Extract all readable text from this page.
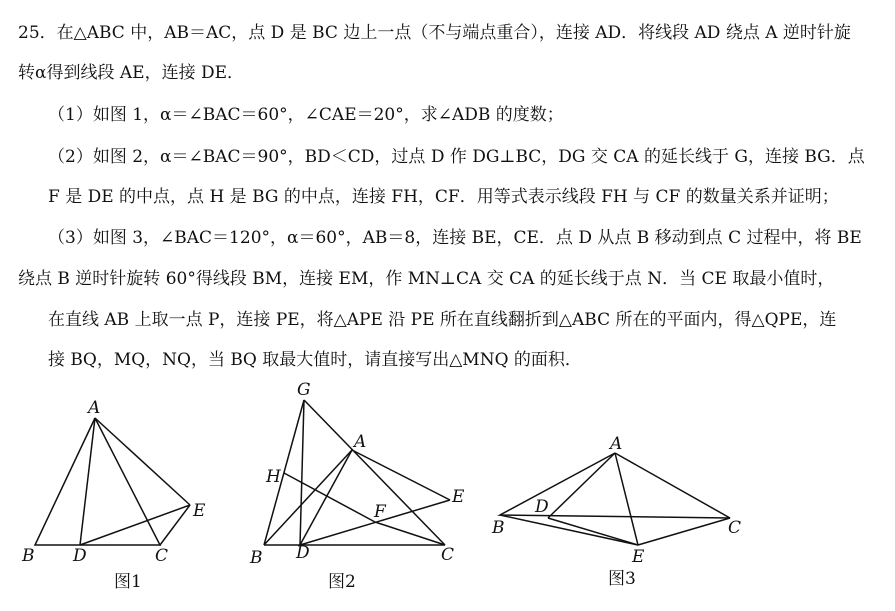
25．在△ABC 中，AB＝AC，点 D 是 BC 边上一点（不与端点重合），连接 AD．将线段 AD 绕点 A 逆时针旋
转α得到线段 AE，连接 DE．
（1）如图 1，α＝∠BAC＝60°，∠CAE＝20°，求∠ADB 的度数；
（2）如图 2，α＝∠BAC＝90°，BD＜CD，过点 D 作 DG⊥BC，DG 交 CA 的延长线于 G，连接 BG．点
F 是 DE 的中点，点 H 是 BG 的中点，连接 FH，CF．用等式表示线段 FH 与 CF 的数量关系并证明；
（3）如图 3，∠BAC＝120°，α＝60°，AB＝8，连接 BE，CE．点 D 从点 B 移动到点 C 过程中，将 BE
绕点 B 逆时针旋转 60°得线段 BM，连接 EM，作 MN⊥CA 交 CA 的延长线于点 N．当 CE 取最小值时，
在直线 AB 上取一点 P，连接 PE，将△APE 沿 PE 所在直线翻折到△ABC 所在的平面内，得△QPE，连
接 BQ，MQ，NQ，当 BQ 取最大值时，请直接写出△MNQ 的面积．
A
B D	C
E
G
A
H
E
F
B D	C
A
D
B	C
E
图1	图2	图3
